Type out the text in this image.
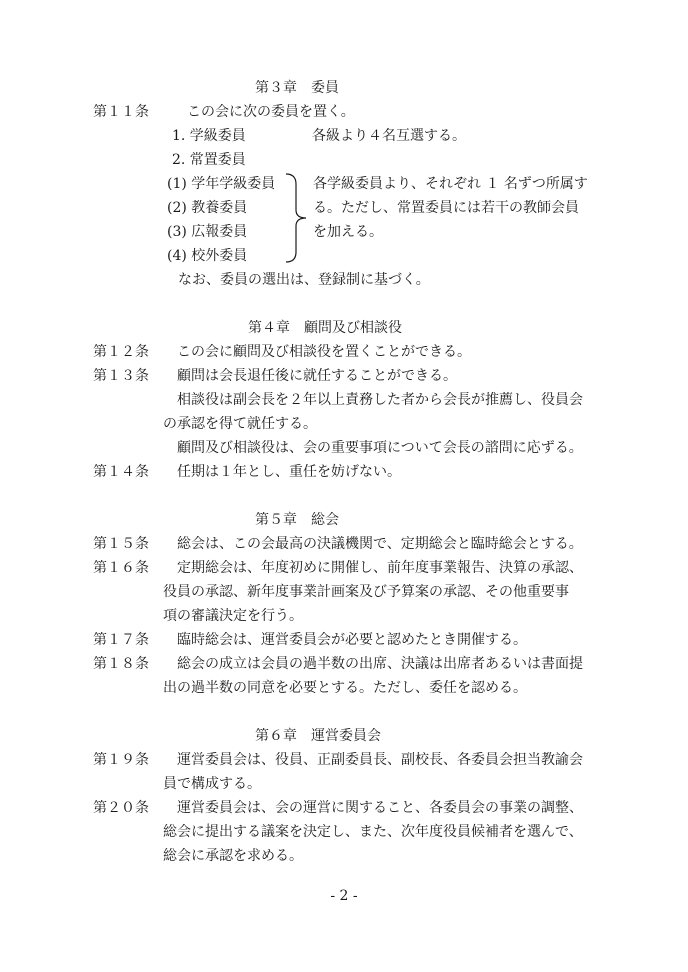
第３章　委員
第１１条	この会に次の委員を置く。
1. 学級委員	各級より４名互選する。
2. 常置委員
(1) 学年学級委員
(2) 教養委員
(3) 広報委員
(4) 校外委員
各学級委員より、それぞれ １ 名ずつ所属す
る。ただし、常置委員には若干の教師会員
を加える。
なお、委員の選出は、登録制に基づく。
第４章　顧問及び相談役
第１２条 この会に顧問及び相談役を置くことができる。
第１３条 顧問は会長退任後に就任することができる。
相談役は副会長を２年以上責務した者から会長が推薦し、役員会
の承認を得て就任する。
顧問及び相談役は、会の重要事項について会長の諮問に応ずる。
第１４条 任期は１年とし、重任を妨げない。
第５章　総会
第１５条 総会は、この会最高の決議機関で、定期総会と臨時総会とする。
第１６条 定期総会は、年度初めに開催し、前年度事業報告、決算の承認、
役員の承認、新年度事業計画案及び予算案の承認、その他重要事
項の審議決定を行う。
第１７条 臨時総会は、運営委員会が必要と認めたとき開催する。
第１８条 総会の成立は会員の過半数の出席、決議は出席者あるいは書面提
出の過半数の同意を必要とする。ただし、委任を認める。
第６章　運営委員会
第１９条 運営委員会は、役員、正副委員長、副校長、各委員会担当教諭会
員で構成する。
第２０条 運営委員会は、会の運営に関すること、各委員会の事業の調整、
総会に提出する議案を決定し、また、次年度役員候補者を選んで、
総会に承認を求める。
- 2 -
